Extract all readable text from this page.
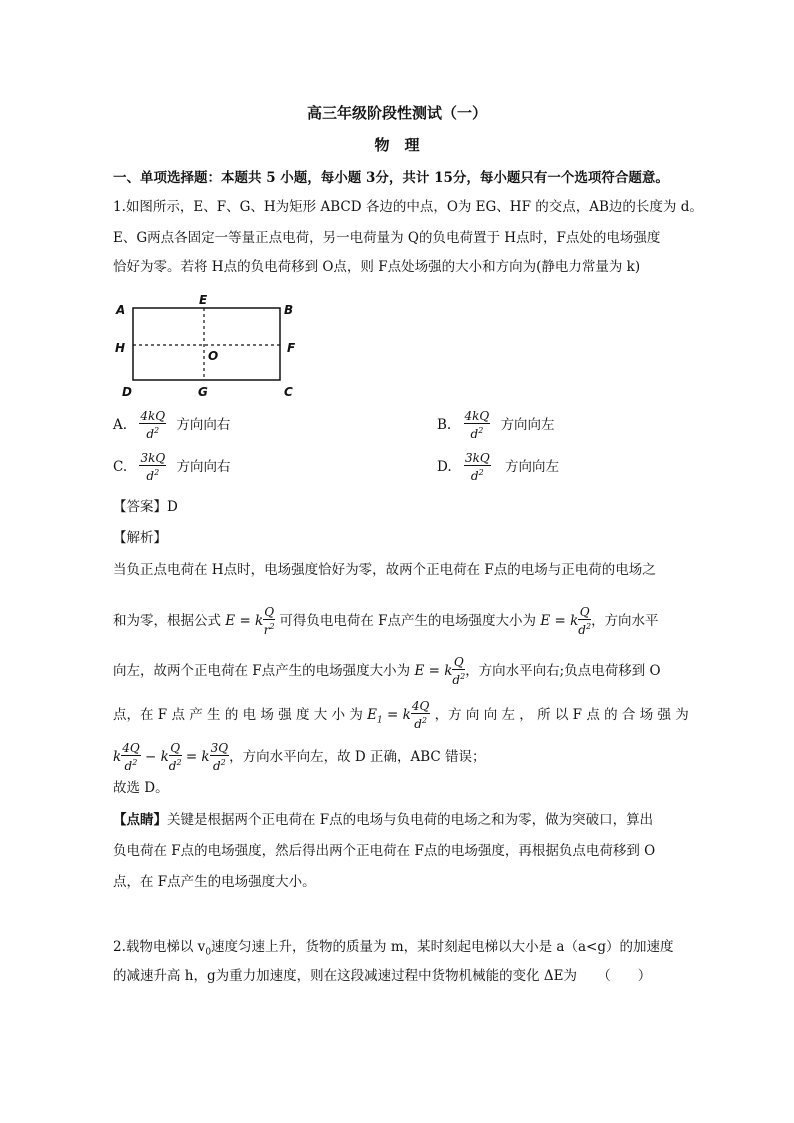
高三年级阶段性测试（一）
物　理
一、单项选择题：本题共 5 小题，每小题 3分，共计 15分，每小题只有一个选项符合题意。
1.如图所示，E、F、G、H为矩形 ABCD 各边的中点，O为 EG、HF 的交点，AB边的长度为 d。
E、G两点各固定一等量正点电荷，另一电荷量为 Q的负电荷置于 H点时，F点处的电场强度
恰好为零。若将 H点的负电荷移到 O点，则 F点处场强的大小和方向为(静电力常量为 k)
A	B
C
D
E
F
G
H
O
A. $\frac{4kQ}{d^2}$ 方向向右	B. $\frac{4kQ}{d^2}$ 方向向左
C. $\frac{3kQ}{d^2}$ 方向向右	D. $\frac{3kQ}{d^2}$ 方向向左
【答案】D
【解析】
当负正点电荷在 H点时，电场强度恰好为零，故两个正电荷在 F点的电场与正电荷的电场之
和为零，根据公式 E = k $\frac{Q}{r^2}$ 可得负电电荷在 F点产生的电场强度大小为 E = k $\frac{Q}{d^2}$ ，方向水平
向左，故两个正电荷在 F点产生的电场强度大小为 E = k $\frac{Q}{d^2}$ ，方向水平向右;负点电荷移到 O
点，在 F 点 产 生 的 电 场 强 度 大 小 为 $E_1 = k \frac{4Q}{d^2}$ ，方 向 向 左 ， 所 以 F 点 的 合 场 强 为
k $\frac{4Q}{d^2} - k \frac{Q}{d^2} = k \frac{3Q}{d^2}$ ，方向水平向左，故 D 正确，ABC 错误；
故选 D。
【点睛】关键是根据两个正电荷在 F点的电场与负电荷的电场之和为零，做为突破口，算出
负电荷在 F点的电场强度，然后得出两个正电荷在 F点的电场强度，再根据负点电荷移到 O
点，在 F点产生的电场强度大小。
2.载物电梯以 $v_0$速度匀速上升，货物的质量为 m，某时刻起电梯以大小是 a（a<g）的加速度
的减速升高 h，g为重力加速度，则在这段减速过程中货物机械能的变化 ΔE为　　（　　）
